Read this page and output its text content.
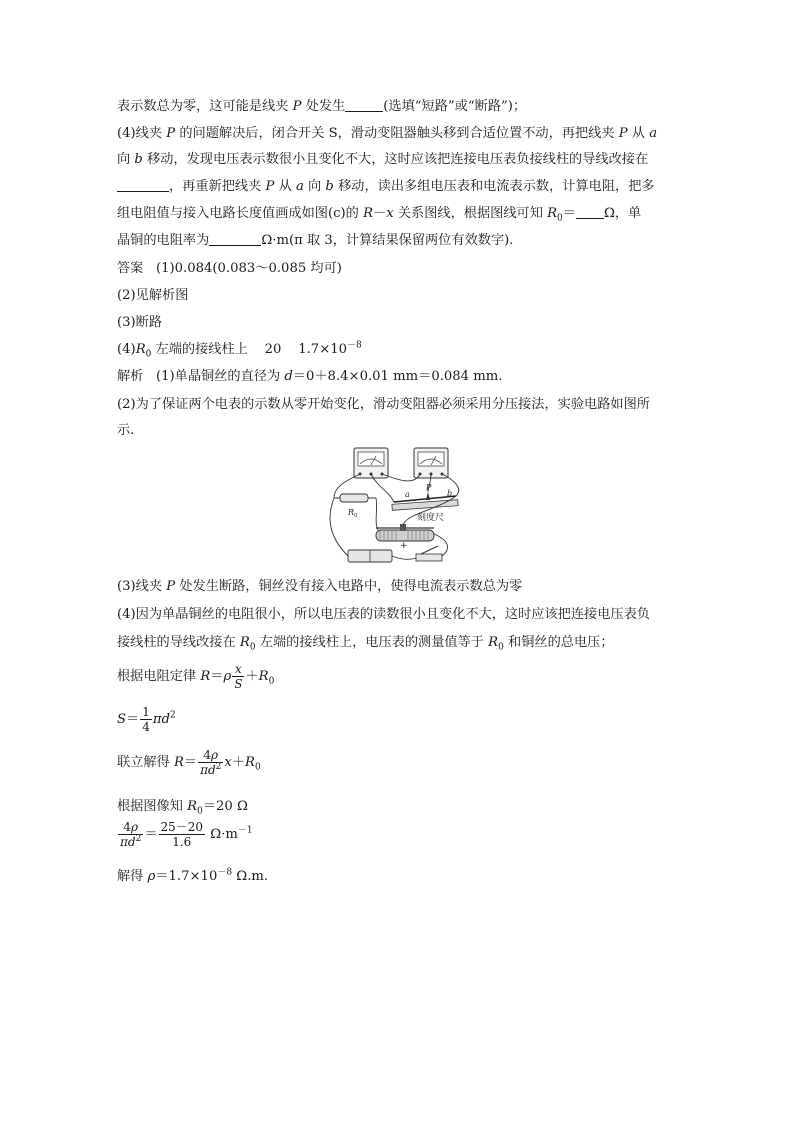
表示数总为零，这可能是线夹 P 处发生	(选填“短路”或“断路”)；
(4)线夹 P 的问题解决后，闭合开关 S，滑动变阻器触头移到合适位置不动，再把线夹 P 从 a
向 b 移动，发现电压表示数很小且变化不大，这时应该把连接电压表负接线柱的导线改接在
，再重新把线夹 P 从 a 向 b 移动，读出多组电压表和电流表示数，计算电阻，把多
组电阻值与接入电路长度值画成如图(c)的 R－x 关系图线，根据图线可知 $R_0= \Omega$，单
晶铜的电阻率为	Ω·m(π 取 3，计算结果保留两位有效数字).
答案 (1)0.084(0.083～0.085 均可)
(2)见解析图
(3)断路
$(4)R_0$ 左端的接线柱上 20 $1.7\times 10^{-8}$
解析 (1)单晶铜丝的直径为 d＝0＋8.4×0.01 mm＝0.084 mm.
(2)为了保证两个电表的示数从零开始变化，滑动变阻器必须采用分压接法，实验电路如图所
示.
R 0
a
P
b
刻度尺
+
(3)线夹 P 处发生断路，铜丝没有接入电路中，使得电流表示数总为零
(4)因为单晶铜丝的电阻很小，所以电压表的读数很小且变化不大，这时应该把连接电压表负
接线柱的导线改接在 $R_0$ 左端的接线柱上，电压表的测量值等于 $R_0$ 和铜丝的总电压；
根据电阻定律 $R=\rho \frac{x}{S} +R_0$
$S= \frac{1}{4} \pi d^2$
联立解得 $R= \frac{4\rho}{\pi d^2} x+R_0$
根据图像知 $R_0=20$ Ω
$\frac{4\rho}{\pi d^2} = \frac{25-20}{1.6} \Omega\cdot m^{-1}$
解得 $\rho=1.7\times 10^{-8}$ Ω.m.
